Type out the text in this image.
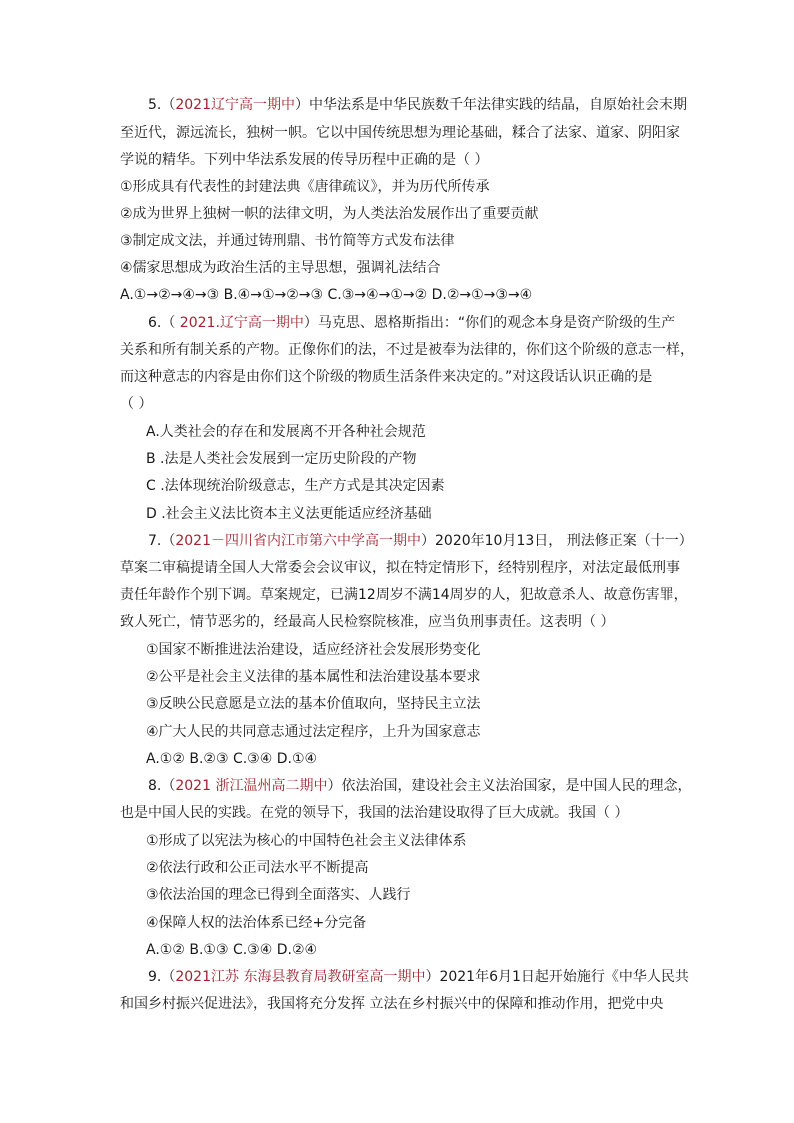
5.（2021辽宁高一期中）中华法系是中华民族数千年法律实践的结晶，自原始社会末期
至近代，源远流长，独树一帜。它以中国传统思想为理论基础，糅合了法家、道家、阴阳家
学说的精华。下列中华法系发展的传导历程中正确的是（ ）
①形成具有代表性的封建法典《唐律疏议》，并为历代所传承
②成为世界上独树一帜的法律文明，为人类法治发展作出了重要贡献
③制定成文法，并通过铸刑鼎、书竹简等方式发布法律
④儒家思想成为政治生活的主导思想，强调礼法结合
A.①→②→④→③ B.④→①→②→③ C.③→④→①→② D.②→①→③→④
6.（ 2021.辽宁高一期中）马克思、恩格斯指出：“你们的观念本身是资产阶级的生产
关系和所有制关系的产物。正像你们的法，不过是被奉为法律的，你们这个阶级的意志一样，
而这种意志的内容是由你们这个阶级的物质生活条件来决定的。”对这段话认识正确的是
（ ）
A.人类社会的存在和发展离不开各种社会规范
B .法是人类社会发展到一定历史阶段的产物
C .法体现统治阶级意志，生产方式是其决定因素
D .社会主义法比资本主义法更能适应经济基础
7.（2021－四川省内江市第六中学高一期中）2020年10月13日， 刑法修正案（十一）
草案二审稿提请全国人大常委会会议审议，拟在特定情形下，经特别程序，对法定最低刑事
责任年龄作个别下调。草案规定，已满12周岁不满14周岁的人，犯故意杀人、故意伤害罪，
致人死亡，情节恶劣的，经最高人民检察院核准，应当负刑事责任。这表明（ ）
①国家不断推进法治建设，适应经济社会发展形势变化
②公平是社会主义法律的基本属性和法治建设基本要求
③反映公民意愿是立法的基本价值取向，坚持民主立法
④广大人民的共同意志通过法定程序，上升为国家意志
A.①② B.②③ C.③④ D.①④
8.（2021 浙江温州高二期中）依法治国，建设社会主义法治国家，是中国人民的理念，
也是中国人民的实践。在党的领导下，我国的法治建设取得了巨大成就。我国（ ）
①形成了以宪法为核心的中国特色社会主义法律体系
②依法行政和公正司法水平不断提高
③依法治国的理念已得到全面落实、人践行
④保障人权的法治体系已经+分完备
A.①② B.①③ C.③④ D.②④
9.（2021江苏 东海县教育局教研室高一期中）2021年6月1日起开始施行《中华人民共
和国乡村振兴促进法》，我国将充分发挥 立法在乡村振兴中的保障和推动作用，把党中央
